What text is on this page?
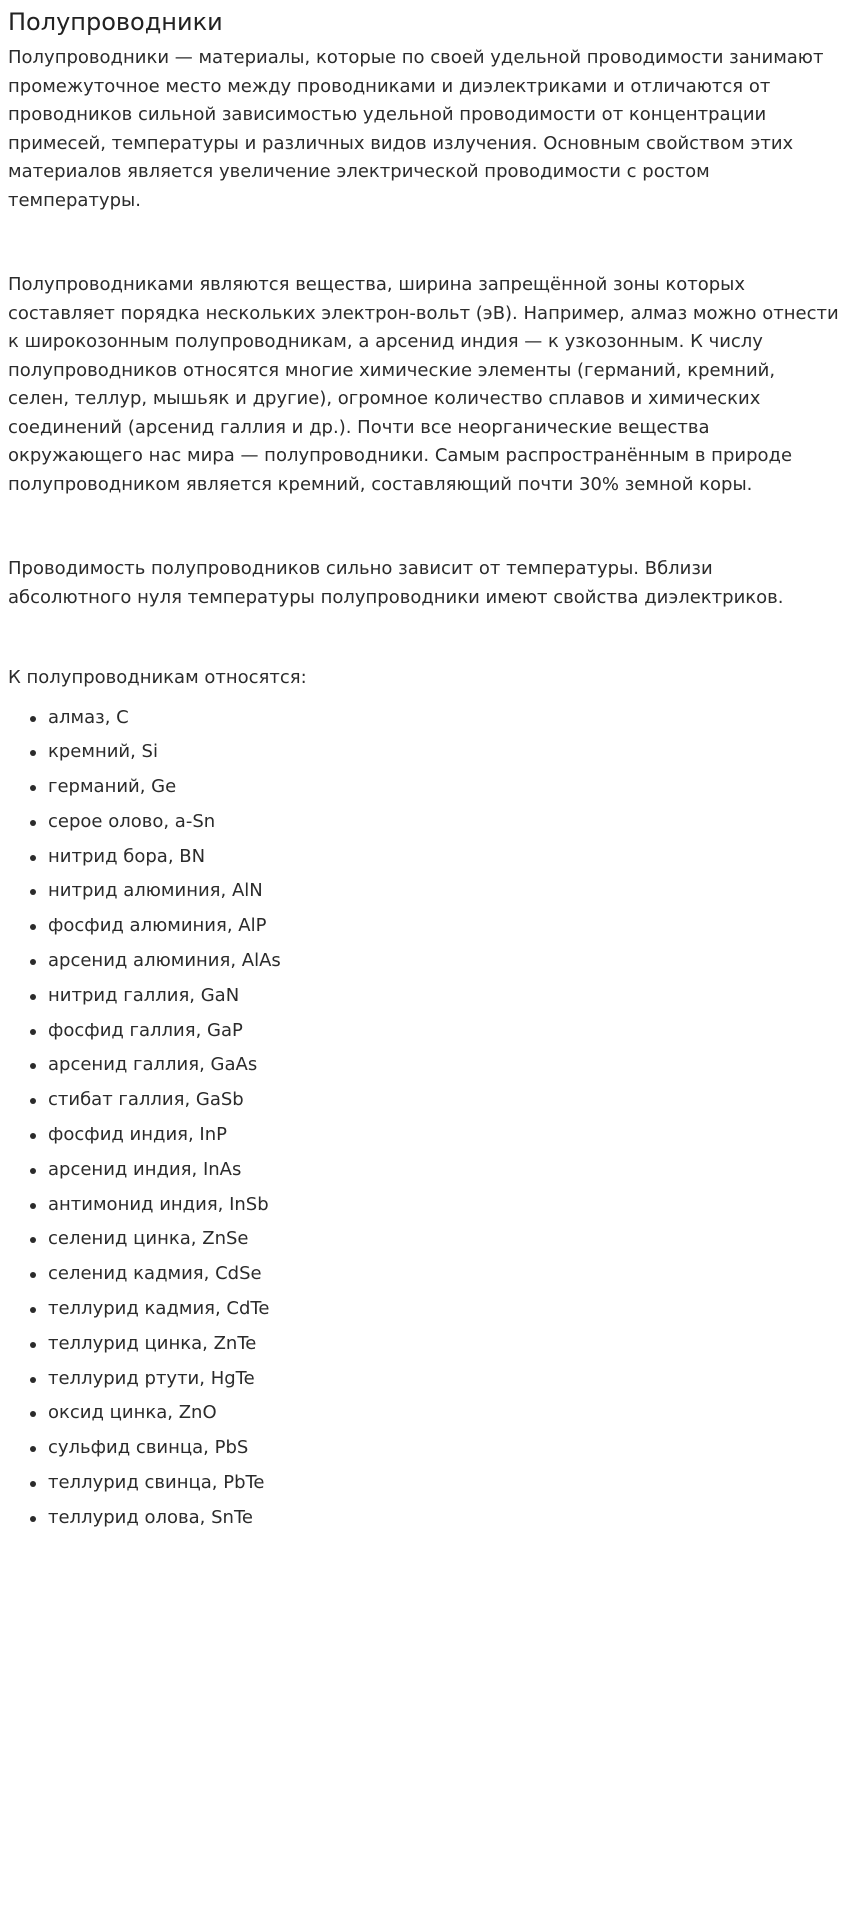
Полупроводники

Полупроводники — материалы, которые по своей удельной проводимости занимают промежуточное место между проводниками и диэлектриками и отличаются от проводников сильной зависимостью удельной проводимости от концентрации примесей, температуры и различных видов излучения. Основным свойством этих материалов является увеличение электрической проводимости с ростом температуры.

Полупроводниками являются вещества, ширина запрещённой зоны которых составляет порядка нескольких электрон-вольт (эВ). Например, алмаз можно отнести к широкозонным полупроводникам, а арсенид индия — к узкозонным. К числу полупроводников относятся многие химические элементы (германий, кремний, селен, теллур, мышьяк и другие), огромное количество сплавов и химических соединений (арсенид галлия и др.). Почти все неорганические вещества окружающего нас мира — полупроводники. Самым распространённым в природе полупроводником является кремний, составляющий почти 30% земной коры.

Проводимость полупроводников сильно зависит от температуры. Вблизи абсолютного нуля температуры полупроводники имеют свойства диэлектриков.

К полупроводникам относятся:

алмаз, C
кремний, Si
германий, Ge
серое олово, a-Sn
нитрид бора, BN
нитрид алюминия, AlN
фосфид алюминия, AlP
арсенид алюминия, AlAs
нитрид галлия, GaN
фосфид галлия, GaP
арсенид галлия, GaAs
стибат галлия, GaSb
фосфид индия, InP
арсенид индия, InAs
антимонид индия, InSb
селенид цинка, ZnSe
селенид кадмия, CdSe
теллурид кадмия, CdTe
теллурид цинка, ZnTe
теллурид ртути, HgTe
оксид цинка, ZnO
сульфид свинца, PbS
теллурид свинца, PbTe
теллурид олова, SnTe
